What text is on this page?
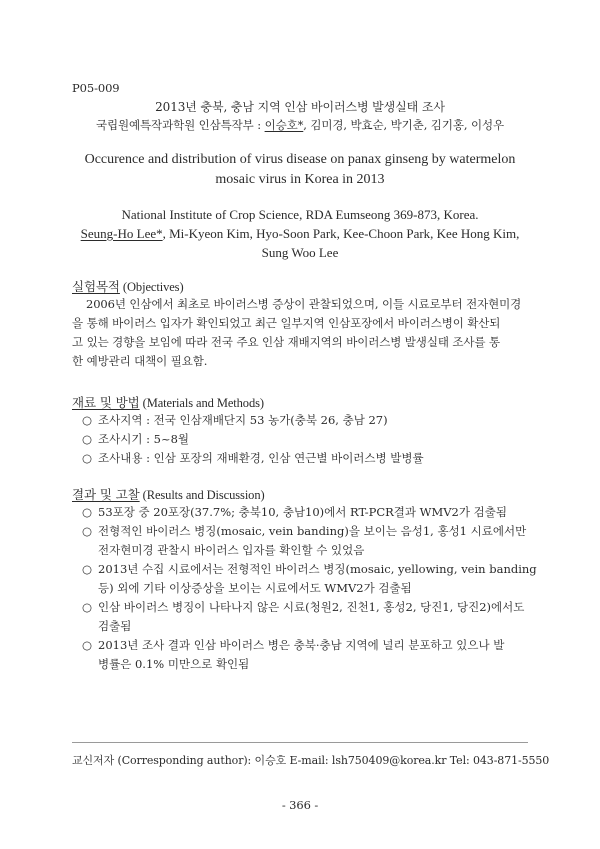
P05-009
2013년 충북, 충남 지역 인삼 바이러스병 발생실태 조사
국립원예특작과학원 인삼특작부 : 이승호*, 김미경, 박효순, 박기춘, 김기홍, 이성우
Occurence and distribution of virus disease on panax ginseng by watermelon
mosaic virus in Korea in 2013
National Institute of Crop Science, RDA Eumseong 369-873, Korea.
Seung-Ho Lee*, Mi-Kyeon Kim, Hyo-Soon Park, Kee-Choon Park, Kee Hong Kim,
Sung Woo Lee
실험목적 (Objectives)
2006년 인삼에서 최초로 바이러스병 증상이 관찰되었으며, 이들 시료로부터 전자현미경
을 통해 바이러스 입자가 확인되었고 최근 일부지역 인삼포장에서 바이러스병이 확산되
고 있는 경향을 보임에 따라 전국 주요 인삼 재배지역의 바이러스병 발생실태 조사를 통
한 예방관리 대책이 필요함.
재료 및 방법 (Materials and Methods)
○ 조사지역 : 전국 인삼재배단지 53 농가(충북 26, 충남 27)
○ 조사시기 : 5~8월
○ 조사내용 : 인삼 포장의 재배환경, 인삼 연근별 바이러스병 발병률
결과 및 고찰 (Results and Discussion)
○ 53포장 중 20포장(37.7%; 충북10, 충남10)에서 RT-PCR결과 WMV2가 검출됨
○ 전형적인 바이러스 병징(mosaic, vein banding)을 보이는 음성1, 홍성1 시료에서만
전자현미경 관찰시 바이러스 입자를 확인할 수 있었음
○ 2013년 수집 시료에서는 전형적인 바이러스 병징(mosaic, yellowing, vein banding
등) 외에 기타 이상증상을 보이는 시료에서도 WMV2가 검출됨
○ 인삼 바이러스 병징이 나타나지 않은 시료(청원2, 진천1, 홍성2, 당진1, 당진2)에서도
검출됨
○ 2013년 조사 결과 인삼 바이러스 병은 충북·충남 지역에 널리 분포하고 있으나 발
병률은 0.1% 미만으로 확인됨
교신저자 (Corresponding author): 이승호 E-mail: lsh750409@korea.kr Tel: 043-871-5550
- 366 -
